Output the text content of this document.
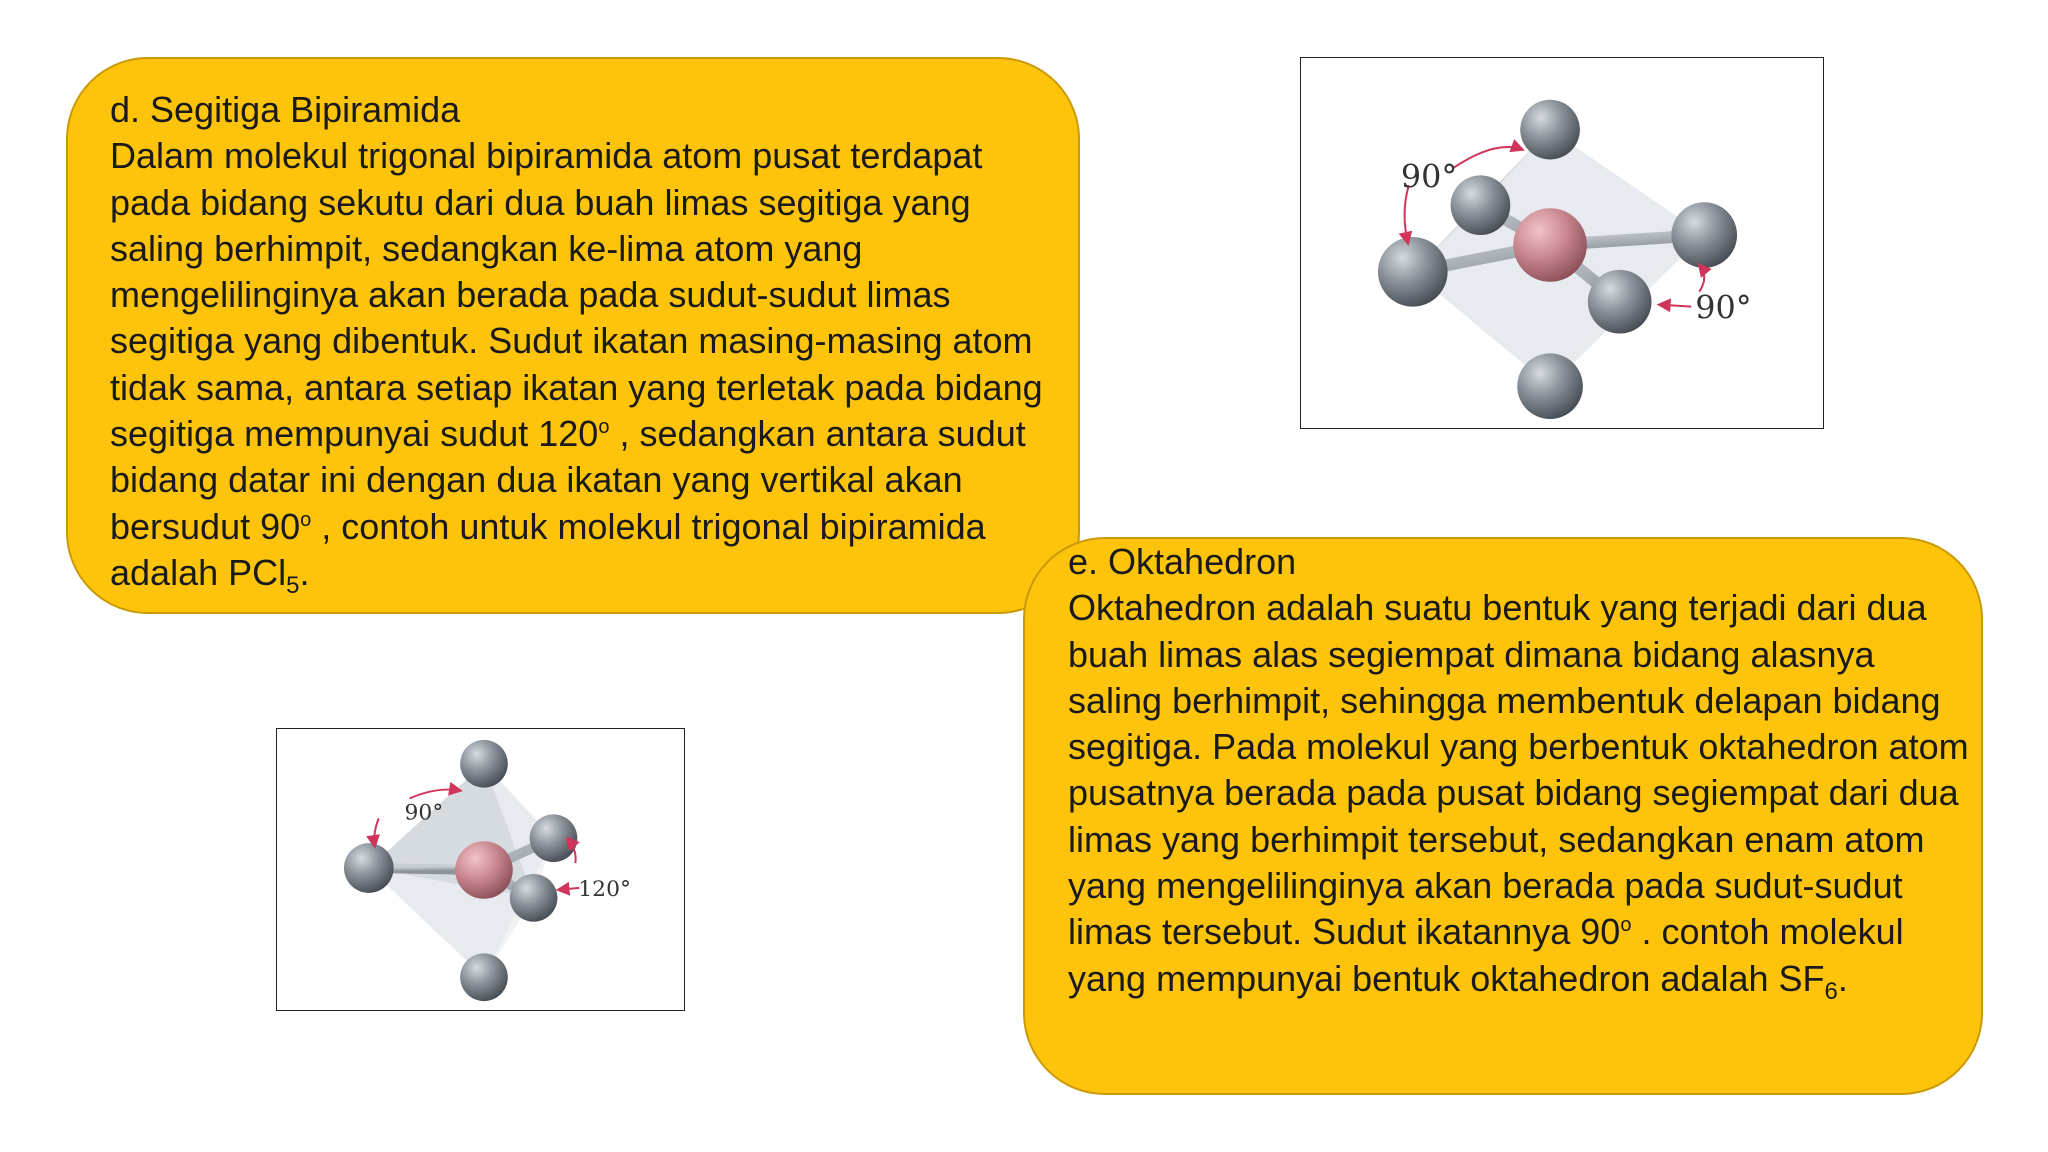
d. Segitiga Bipiramida

Dalam molekul trigonal bipiramida atom pusat terdapat pada bidang sekutu dari dua buah limas segitiga yang saling berhimpit, sedangkan ke-lima atom yang mengelilinginya akan berada pada sudut-sudut limas segitiga yang dibentuk. Sudut ikatan masing-masing atom tidak sama, antara setiap ikatan yang terletak pada bidang segitiga mempunyai sudut 120$^o$ , sedangkan antara sudut bidang datar ini dengan dua ikatan yang vertikal akan bersudut 90$^o$ , contoh untuk molekul trigonal bipiramida adalah PCl$_5$.	e. Oktahedron

Oktahedron adalah suatu bentuk yang terjadi dari dua buah limas alas segiempat dimana bidang alasnya saling berhimpit, sehingga membentuk delapan bidang segitiga. Pada molekul yang berbentuk oktahedron atom pusatnya berada pada pusat bidang segiempat dari dua limas yang berhimpit tersebut, sedangkan enam atom yang mengelilinginya akan berada pada sudut-sudut limas tersebut. Sudut ikatannya 90$^o$ . contoh molekul yang mempunyai bentuk oktahedron adalah $SF_6$.

90°
90°
90°
120°
